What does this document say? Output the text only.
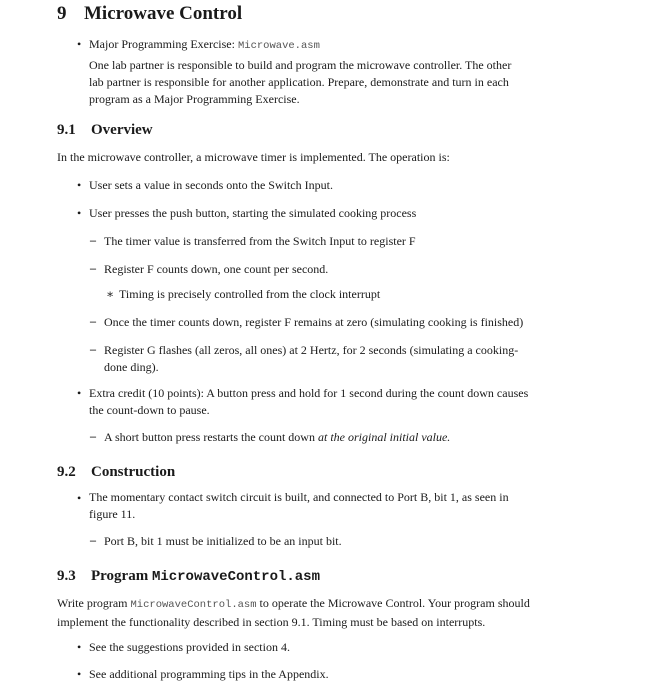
9 Microwave Control
• Major Programming Exercise: Microwave.asm
One lab partner is responsible to build and program the microwave controller. The other
lab partner is responsible for another application. Prepare, demonstrate and turn in each
program as a Major Programming Exercise.
9.1 Overview
In the microwave controller, a microwave timer is implemented. The operation is:
• User sets a value in seconds onto the Switch Input.
• User presses the push button, starting the simulated cooking process
– The timer value is transferred from the Switch Input to register F
– Register F counts down, one count per second.
∗ Timing is precisely controlled from the clock interrupt
– Once the timer counts down, register F remains at zero (simulating cooking is finished)
– Register G flashes (all zeros, all ones) at 2 Hertz, for 2 seconds (simulating a cooking-
done ding).
• Extra credit (10 points): A button press and hold for 1 second during the count down causes
the count-down to pause.
– A short button press restarts the count down at the original initial value.
9.2 Construction
• The momentary contact switch circuit is built, and connected to Port B, bit 1, as seen in
figure 11.
– Port B, bit 1 must be initialized to be an input bit.
9.3 Program MicrowaveControl.asm
Write program MicrowaveControl.asm to operate the Microwave Control. Your program should
implement the functionality described in section 9.1. Timing must be based on interrupts.
• See the suggestions provided in section 4.
• See additional programming tips in the Appendix.
